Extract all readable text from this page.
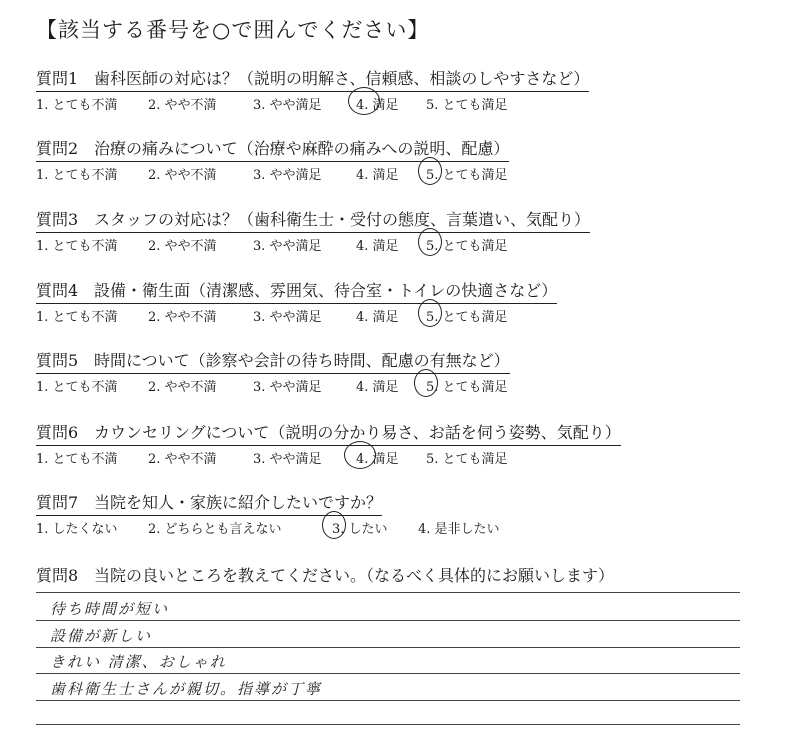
【該当する番号を○で囲んでください】
質問1 歯科医師の対応は？（説明の明解さ、信頼感、相談のしやすさなど）
1. とても不満 2. やや不満	3. やや満足	4. 満足 5. とても満足
質問2 治療の痛みについて（治療や麻酔の痛みへの説明、配慮）
1. とても不満 2. やや不満	3. やや満足	4. 満足 5. とても満足
質問3 スタッフの対応は？（歯科衛生士・受付の態度、言葉遣い、気配り）
1. とても不満 2. やや不満	3. やや満足	4. 満足 5. とても満足
質問4 設備・衛生面（清潔感、雰囲気、待合室・トイレの快適さなど）
1. とても不満 2. やや不満	3. やや満足	4. 満足 5. とても満足
質問5 時間について（診察や会計の待ち時間、配慮の有無など）
1. とても不満 2. やや不満	3. やや満足	4. 満足 5. とても満足
質問6 カウンセリングについて（説明の分かり易さ、お話を伺う姿勢、気配り）
1. とても不満 2. やや不満	3. やや満足	4. 満足 5. とても満足
質問7 当院を知人・家族に紹介したいですか？
1. したくない 2. どちらとも言えない	3. したい 4. 是非したい
質問8 当院の良いところを教えてください。（なるべく具体的にお願いします）
待ち時間が短い
設備が新しい
きれい 清潔、おしゃれ
歯科衛生士さんが親切。指導が丁寧
